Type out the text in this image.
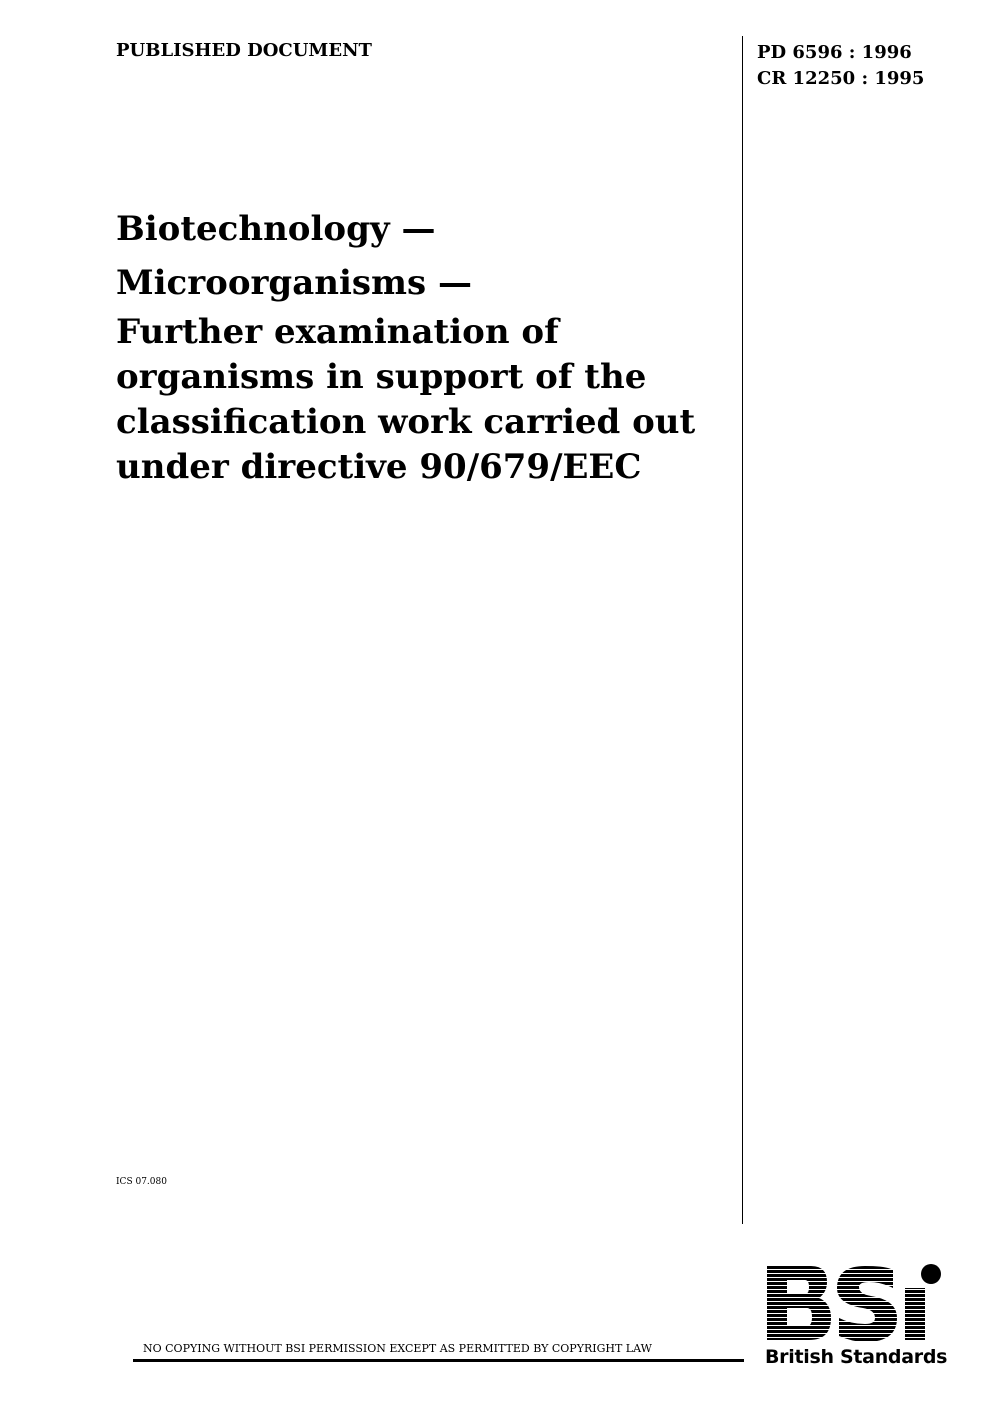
PUBLISHED DOCUMENT	PD 6596 : 1996
CR 12250 : 1995
Biotechnology —
Microorganisms —
Further examination of organisms in support of the classification work carried out under directive 90/679/EEC
ICS 07.080
NO COPYING WITHOUT BSI PERMISSION EXCEPT AS PERMITTED BY COPYRIGHT LAW	British Standards
